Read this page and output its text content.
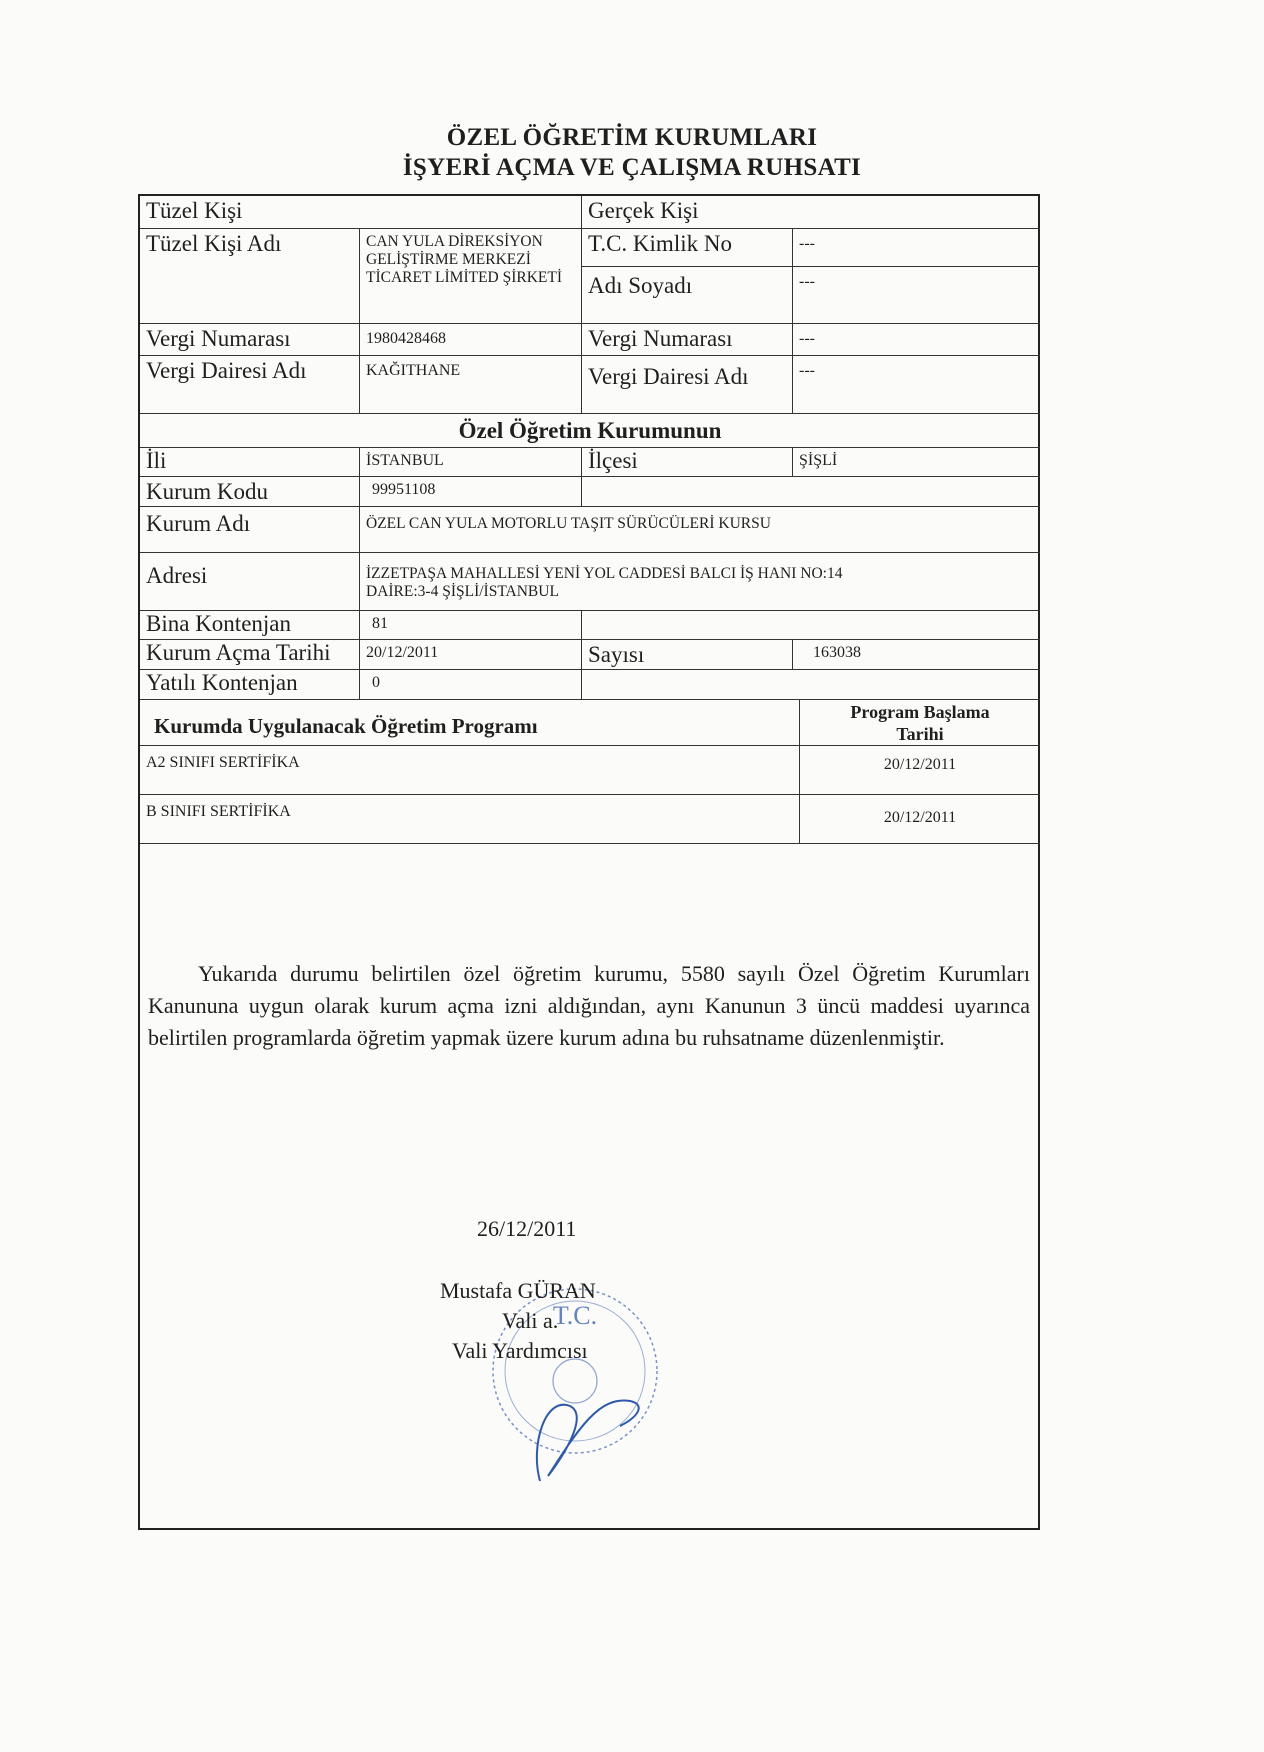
ÖZEL ÖĞRETİM KURUMLARI
İŞYERİ AÇMA VE ÇALIŞMA RUHSATI
Tüzel Kişi	Gerçek Kişi
Tüzel Kişi Adı	CAN YULA DİREKSİYON GELİŞTİRME MERKEZİ TİCARET LİMİTED ŞİRKETİ
T.C. Kimlik No	---
Adı Soyadı	---
Vergi Numarası	1980428468	Vergi Numarası	---
Vergi Dairesi Adı	KAĞITHANE	Vergi Dairesi Adı	---
Özel Öğretim Kurumunun
İli	İSTANBUL	İlçesi	ŞİŞLİ
Kurum Kodu	99951108
Kurum Adı	ÖZEL CAN YULA MOTORLU TAŞIT SÜRÜCÜLERİ KURSU
Adresi	İZZETPAŞA MAHALLESİ YENİ YOL CADDESİ BALCI İŞ HANI NO:14
DAİRE:3-4 ŞİŞLİ/İSTANBUL
Bina Kontenjan	81
Kurum Açma Tarihi	20/12/2011	Sayısı	163038
Yatılı Kontenjan	0
Kurumda Uygulanacak Öğretim Programı
Program Başlama
Tarihi
A2 SINIFI SERTİFİKA	20/12/2011
B SINIFI SERTİFİKA	20/12/2011
Yukarıda durumu belirtilen özel öğretim kurumu, 5580 sayılı Özel Öğretim Kurumları Kanununa uygun olarak kurum açma izni aldığından, aynı Kanunun 3 üncü maddesi uyarınca belirtilen programlarda öğretim yapmak üzere kurum adına bu ruhsatname düzenlenmiştir.
T.C.
26/12/2011
Mustafa GÜRAN
Vali a.
Vali Yardımcısı
